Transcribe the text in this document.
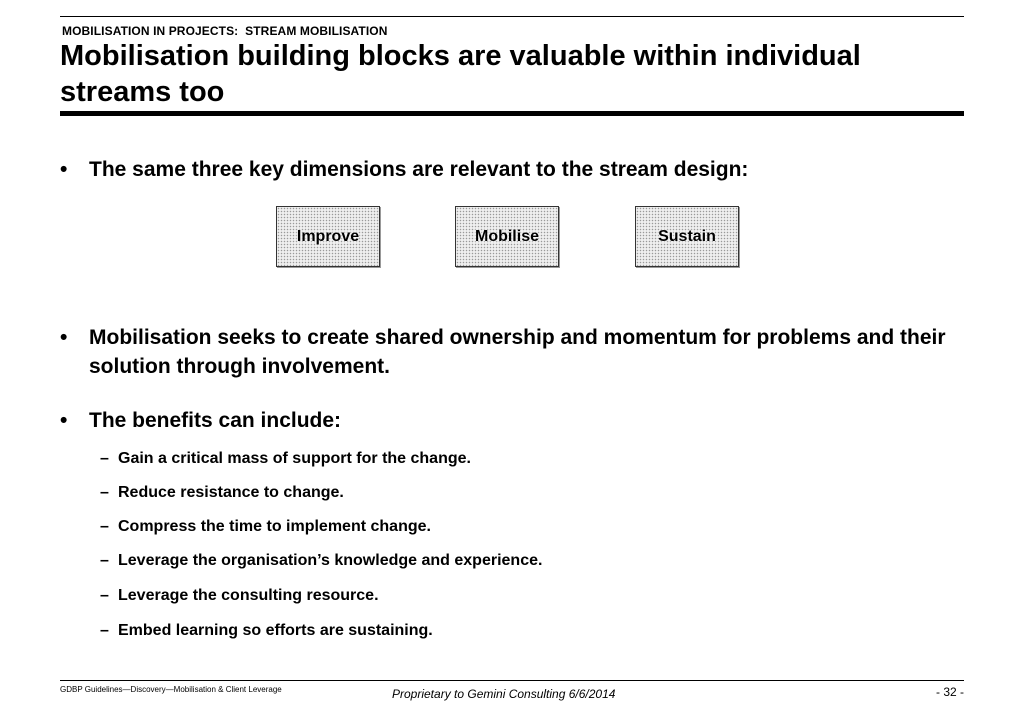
MOBILISATION IN PROJECTS:  STREAM MOBILISATION
Mobilisation building blocks are valuable within individual streams too
•	The same three key dimensions are relevant to the stream design:
Improve	Mobilise	Sustain
•	Mobilisation seeks to create shared ownership and momentum for problems and their solution through involvement.
•	The benefits can include:
– Gain a critical mass of support for the change.
– Reduce resistance to change.
– Compress the time to implement change.
– Leverage the organisation’s knowledge and experience.
– Leverage the consulting resource.
– Embed learning so efforts are sustaining.
GDBP Guidelines—Discovery—Mobilisation & Client Leverage	Proprietary to Gemini Consulting 6/6/2014	- 32 -
